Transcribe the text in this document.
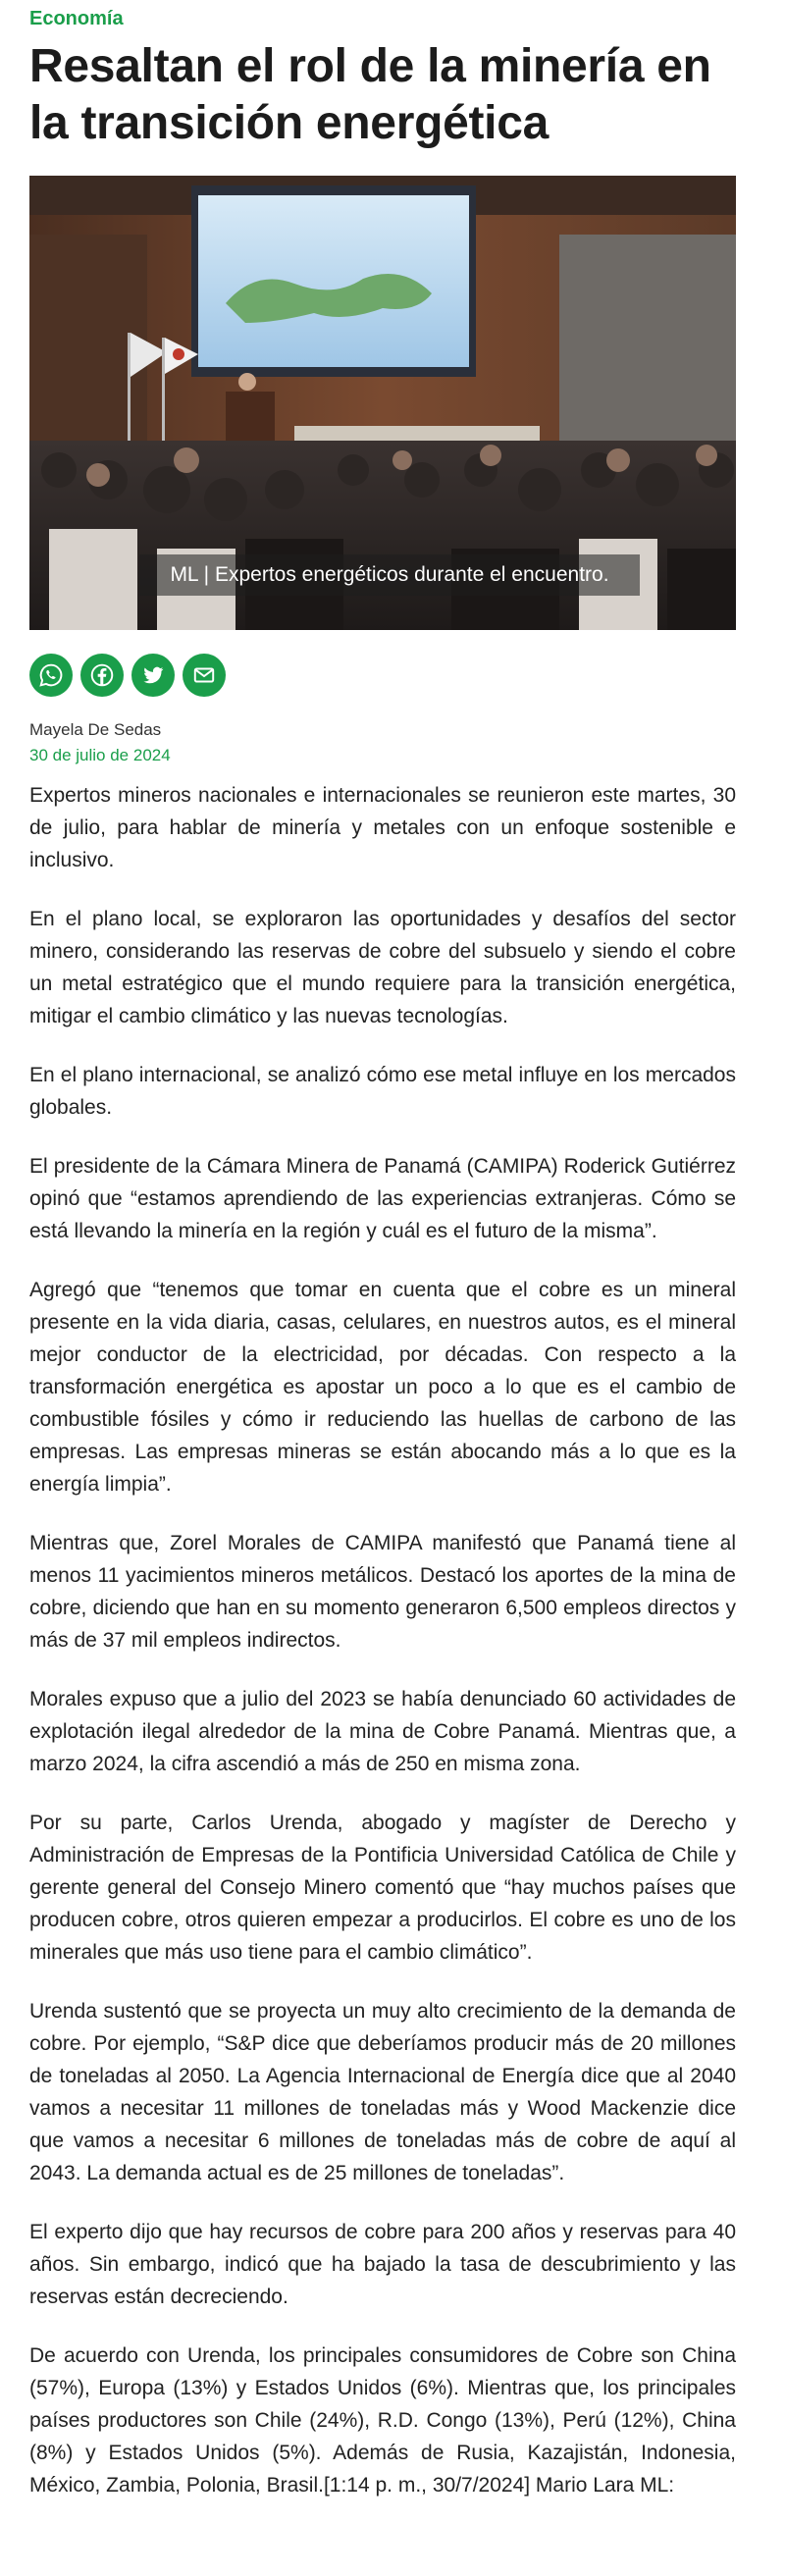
Economía
Resaltan el rol de la minería en la transición energética
ML | Expertos energéticos durante el encuentro.
Mayela De Sedas
30 de julio de 2024

Expertos mineros nacionales e internacionales se reunieron este martes, 30 de julio, para hablar de minería y metales con un enfoque sostenible e inclusivo.

En el plano local, se exploraron las oportunidades y desafíos del sector minero, considerando las reservas de cobre del subsuelo y siendo el cobre un metal estratégico que el mundo requiere para la transición energética, mitigar el cambio climático y las nuevas tecnologías.

En el plano internacional, se analizó cómo ese metal influye en los mercados globales.

El presidente de la Cámara Minera de Panamá (CAMIPA) Roderick Gutiérrez opinó que “estamos aprendiendo de las experiencias extranjeras. Cómo se está llevando la minería en la región y cuál es el futuro de la misma”.

Agregó que “tenemos que tomar en cuenta que el cobre es un mineral presente en la vida diaria, casas, celulares, en nuestros autos, es el mineral mejor conductor de la electricidad, por décadas. Con respecto a la transformación energética es apostar un poco a lo que es el cambio de combustible fósiles y cómo ir reduciendo las huellas de carbono de las empresas. Las empresas mineras se están abocando más a lo que es la energía limpia”.

Mientras que, Zorel Morales de CAMIPA manifestó que Panamá tiene al menos 11 yacimientos mineros metálicos. Destacó los aportes de la mina de cobre, diciendo que han en su momento generaron 6,500 empleos directos y más de 37 mil empleos indirectos.

Morales expuso que a julio del 2023 se había denunciado 60 actividades de explotación ilegal alrededor de la mina de Cobre Panamá. Mientras que, a marzo 2024, la cifra ascendió a más de 250 en misma zona.

Por su parte, Carlos Urenda, abogado y magíster de Derecho y Administración de Empresas de la Pontificia Universidad Católica de Chile y gerente general del Consejo Minero comentó que “hay muchos países que producen cobre, otros quieren empezar a producirlos. El cobre es uno de los minerales que más uso tiene para el cambio climático”.

Urenda sustentó que se proyecta un muy alto crecimiento de la demanda de cobre. Por ejemplo, “S&P dice que deberíamos producir más de 20 millones de toneladas al 2050. La Agencia Internacional de Energía dice que al 2040 vamos a necesitar 11 millones de toneladas más y Wood Mackenzie dice que vamos a necesitar 6 millones de toneladas más de cobre de aquí al 2043. La demanda actual es de 25 millones de toneladas”.

El experto dijo que hay recursos de cobre para 200 años y reservas para 40 años. Sin embargo, indicó que ha bajado la tasa de descubrimiento y las reservas están decreciendo.

De acuerdo con Urenda, los principales consumidores de Cobre son China (57%), Europa (13%) y Estados Unidos (6%). Mientras que, los principales países productores son Chile (24%), R.D. Congo (13%), Perú (12%), China (8%) y Estados Unidos (5%). Además de Rusia, Kazajistán, Indonesia, México, Zambia, Polonia, Brasil.[1:14 p. m., 30/7/2024] Mario Lara ML:
